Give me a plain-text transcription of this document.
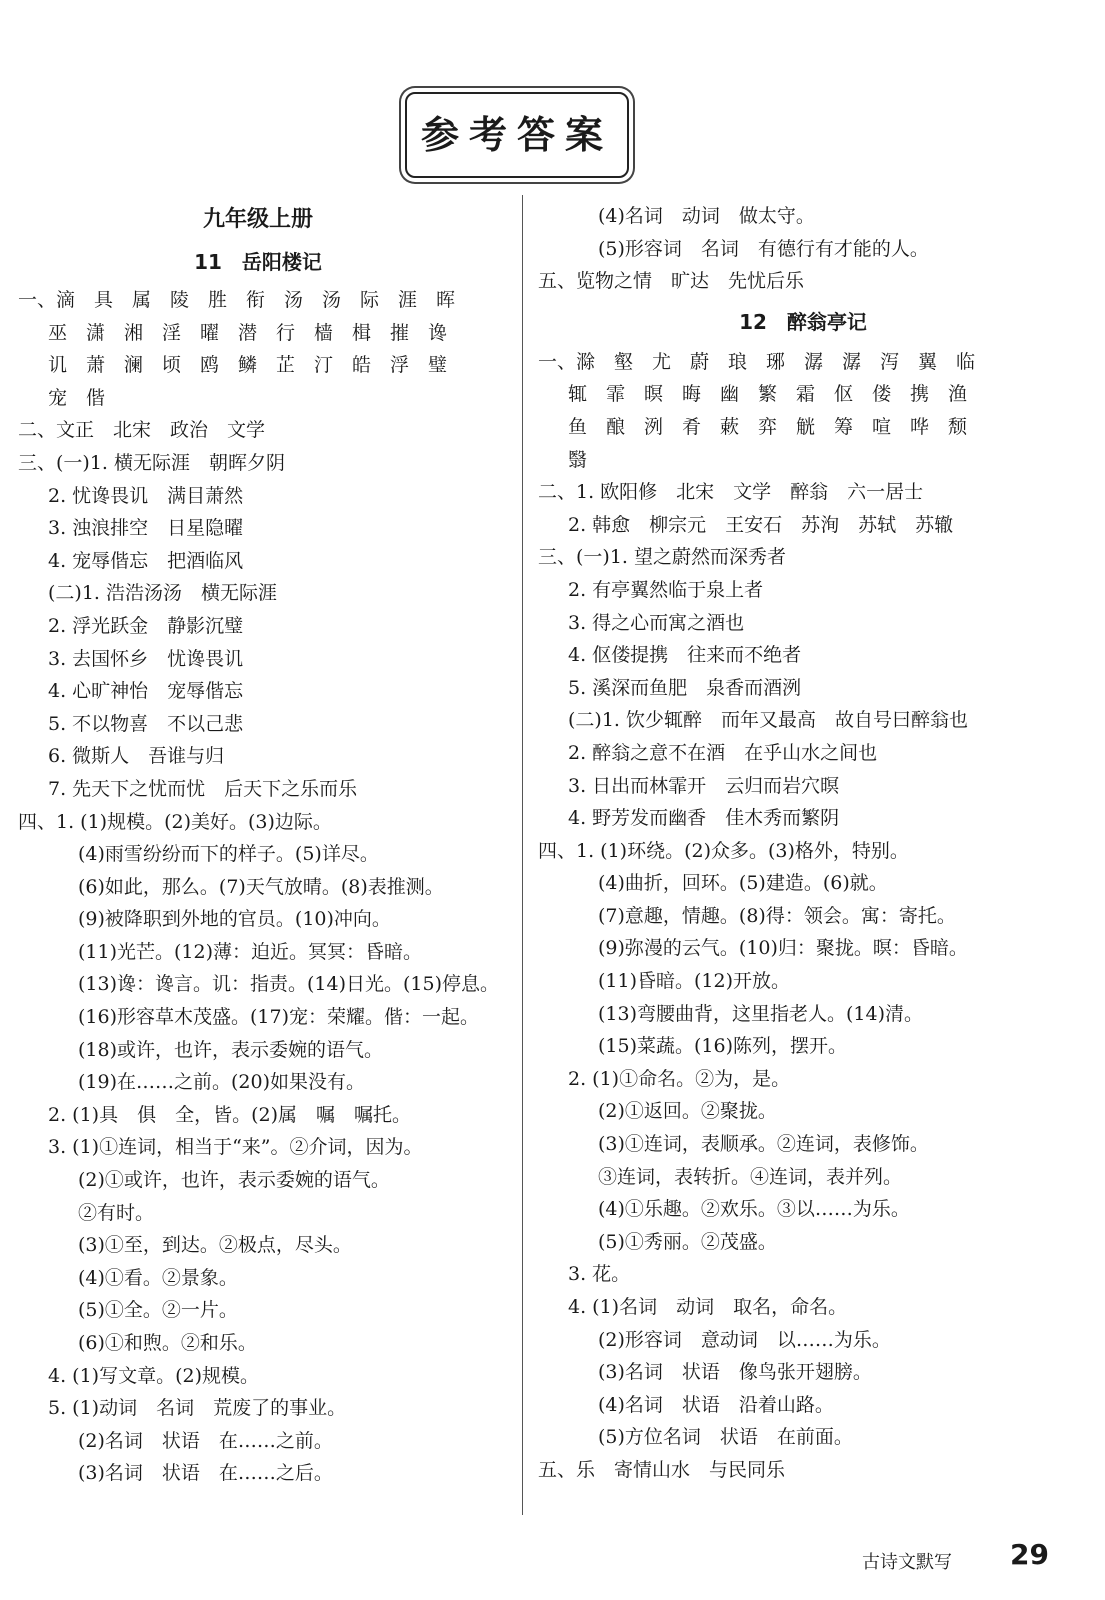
参考答案
九年级上册
11　岳阳楼记
一、滴　具　属　陵　胜　衔　汤　汤　际　涯　晖
巫　潇　湘　淫　曜　潜　行　樯　楫　摧　谗
讥　萧　澜　顷　鸥　鳞　芷　汀　皓　浮　璧
宠　偕
二、文正　北宋　政治　文学
三、(一)1. 横无际涯　朝晖夕阴
2. 忧谗畏讥　满目萧然
3. 浊浪排空　日星隐曜
4. 宠辱偕忘　把酒临风
(二)1. 浩浩汤汤　横无际涯
2. 浮光跃金　静影沉璧
3. 去国怀乡　忧谗畏讥
4. 心旷神怡　宠辱偕忘
5. 不以物喜　不以己悲
6. 微斯人　吾谁与归
7. 先天下之忧而忧　后天下之乐而乐
四、1. (1)规模。(2)美好。(3)边际。
(4)雨雪纷纷而下的样子。(5)详尽。
(6)如此，那么。(7)天气放晴。(8)表推测。
(9)被降职到外地的官员。(10)冲向。
(11)光芒。(12)薄：迫近。冥冥：昏暗。
(13)谗：谗言。讥：指责。(14)日光。(15)停息。
(16)形容草木茂盛。(17)宠：荣耀。偕：一起。
(18)或许，也许，表示委婉的语气。
(19)在……之前。(20)如果没有。
2. (1)具　俱　全，皆。(2)属　嘱　嘱托。
3. (1)①连词，相当于“来”。②介词，因为。
(2)①或许，也许，表示委婉的语气。
②有时。
(3)①至，到达。②极点，尽头。
(4)①看。②景象。
(5)①全。②一片。
(6)①和煦。②和乐。
4. (1)写文章。(2)规模。
5. (1)动词　名词　荒废了的事业。
(2)名词　状语　在……之前。
(3)名词　状语　在……之后。
(4)名词　动词　做太守。
(5)形容词　名词　有德行有才能的人。
五、览物之情　旷达　先忧后乐
12　醉翁亭记
一、滁　壑　尤　蔚　琅　琊　潺　潺　泻　翼　临
辄　霏　暝　晦　幽　繁　霜　伛　偻　携　渔
鱼　酿　洌　肴　蔌　弈　觥　筹　喧　哗　颓
翳
二、1. 欧阳修　北宋　文学　醉翁　六一居士
2. 韩愈　柳宗元　王安石　苏洵　苏轼　苏辙
三、(一)1. 望之蔚然而深秀者
2. 有亭翼然临于泉上者
3. 得之心而寓之酒也
4. 伛偻提携　往来而不绝者
5. 溪深而鱼肥　泉香而酒洌
(二)1. 饮少辄醉　而年又最高　故自号曰醉翁也
2. 醉翁之意不在酒　在乎山水之间也
3. 日出而林霏开　云归而岩穴暝
4. 野芳发而幽香　佳木秀而繁阴
四、1. (1)环绕。(2)众多。(3)格外，特别。
(4)曲折，回环。(5)建造。(6)就。
(7)意趣，情趣。(8)得：领会。寓：寄托。
(9)弥漫的云气。(10)归：聚拢。暝：昏暗。
(11)昏暗。(12)开放。
(13)弯腰曲背，这里指老人。(14)清。
(15)菜蔬。(16)陈列，摆开。
2. (1)①命名。②为，是。
(2)①返回。②聚拢。
(3)①连词，表顺承。②连词，表修饰。
③连词，表转折。④连词，表并列。
(4)①乐趣。②欢乐。③以……为乐。
(5)①秀丽。②茂盛。
3. 花。
4. (1)名词　动词　取名，命名。
(2)形容词　意动词　以……为乐。
(3)名词　状语　像鸟张开翅膀。
(4)名词　状语　沿着山路。
(5)方位名词　状语　在前面。
五、乐　寄情山水　与民同乐
古诗文默写 29
